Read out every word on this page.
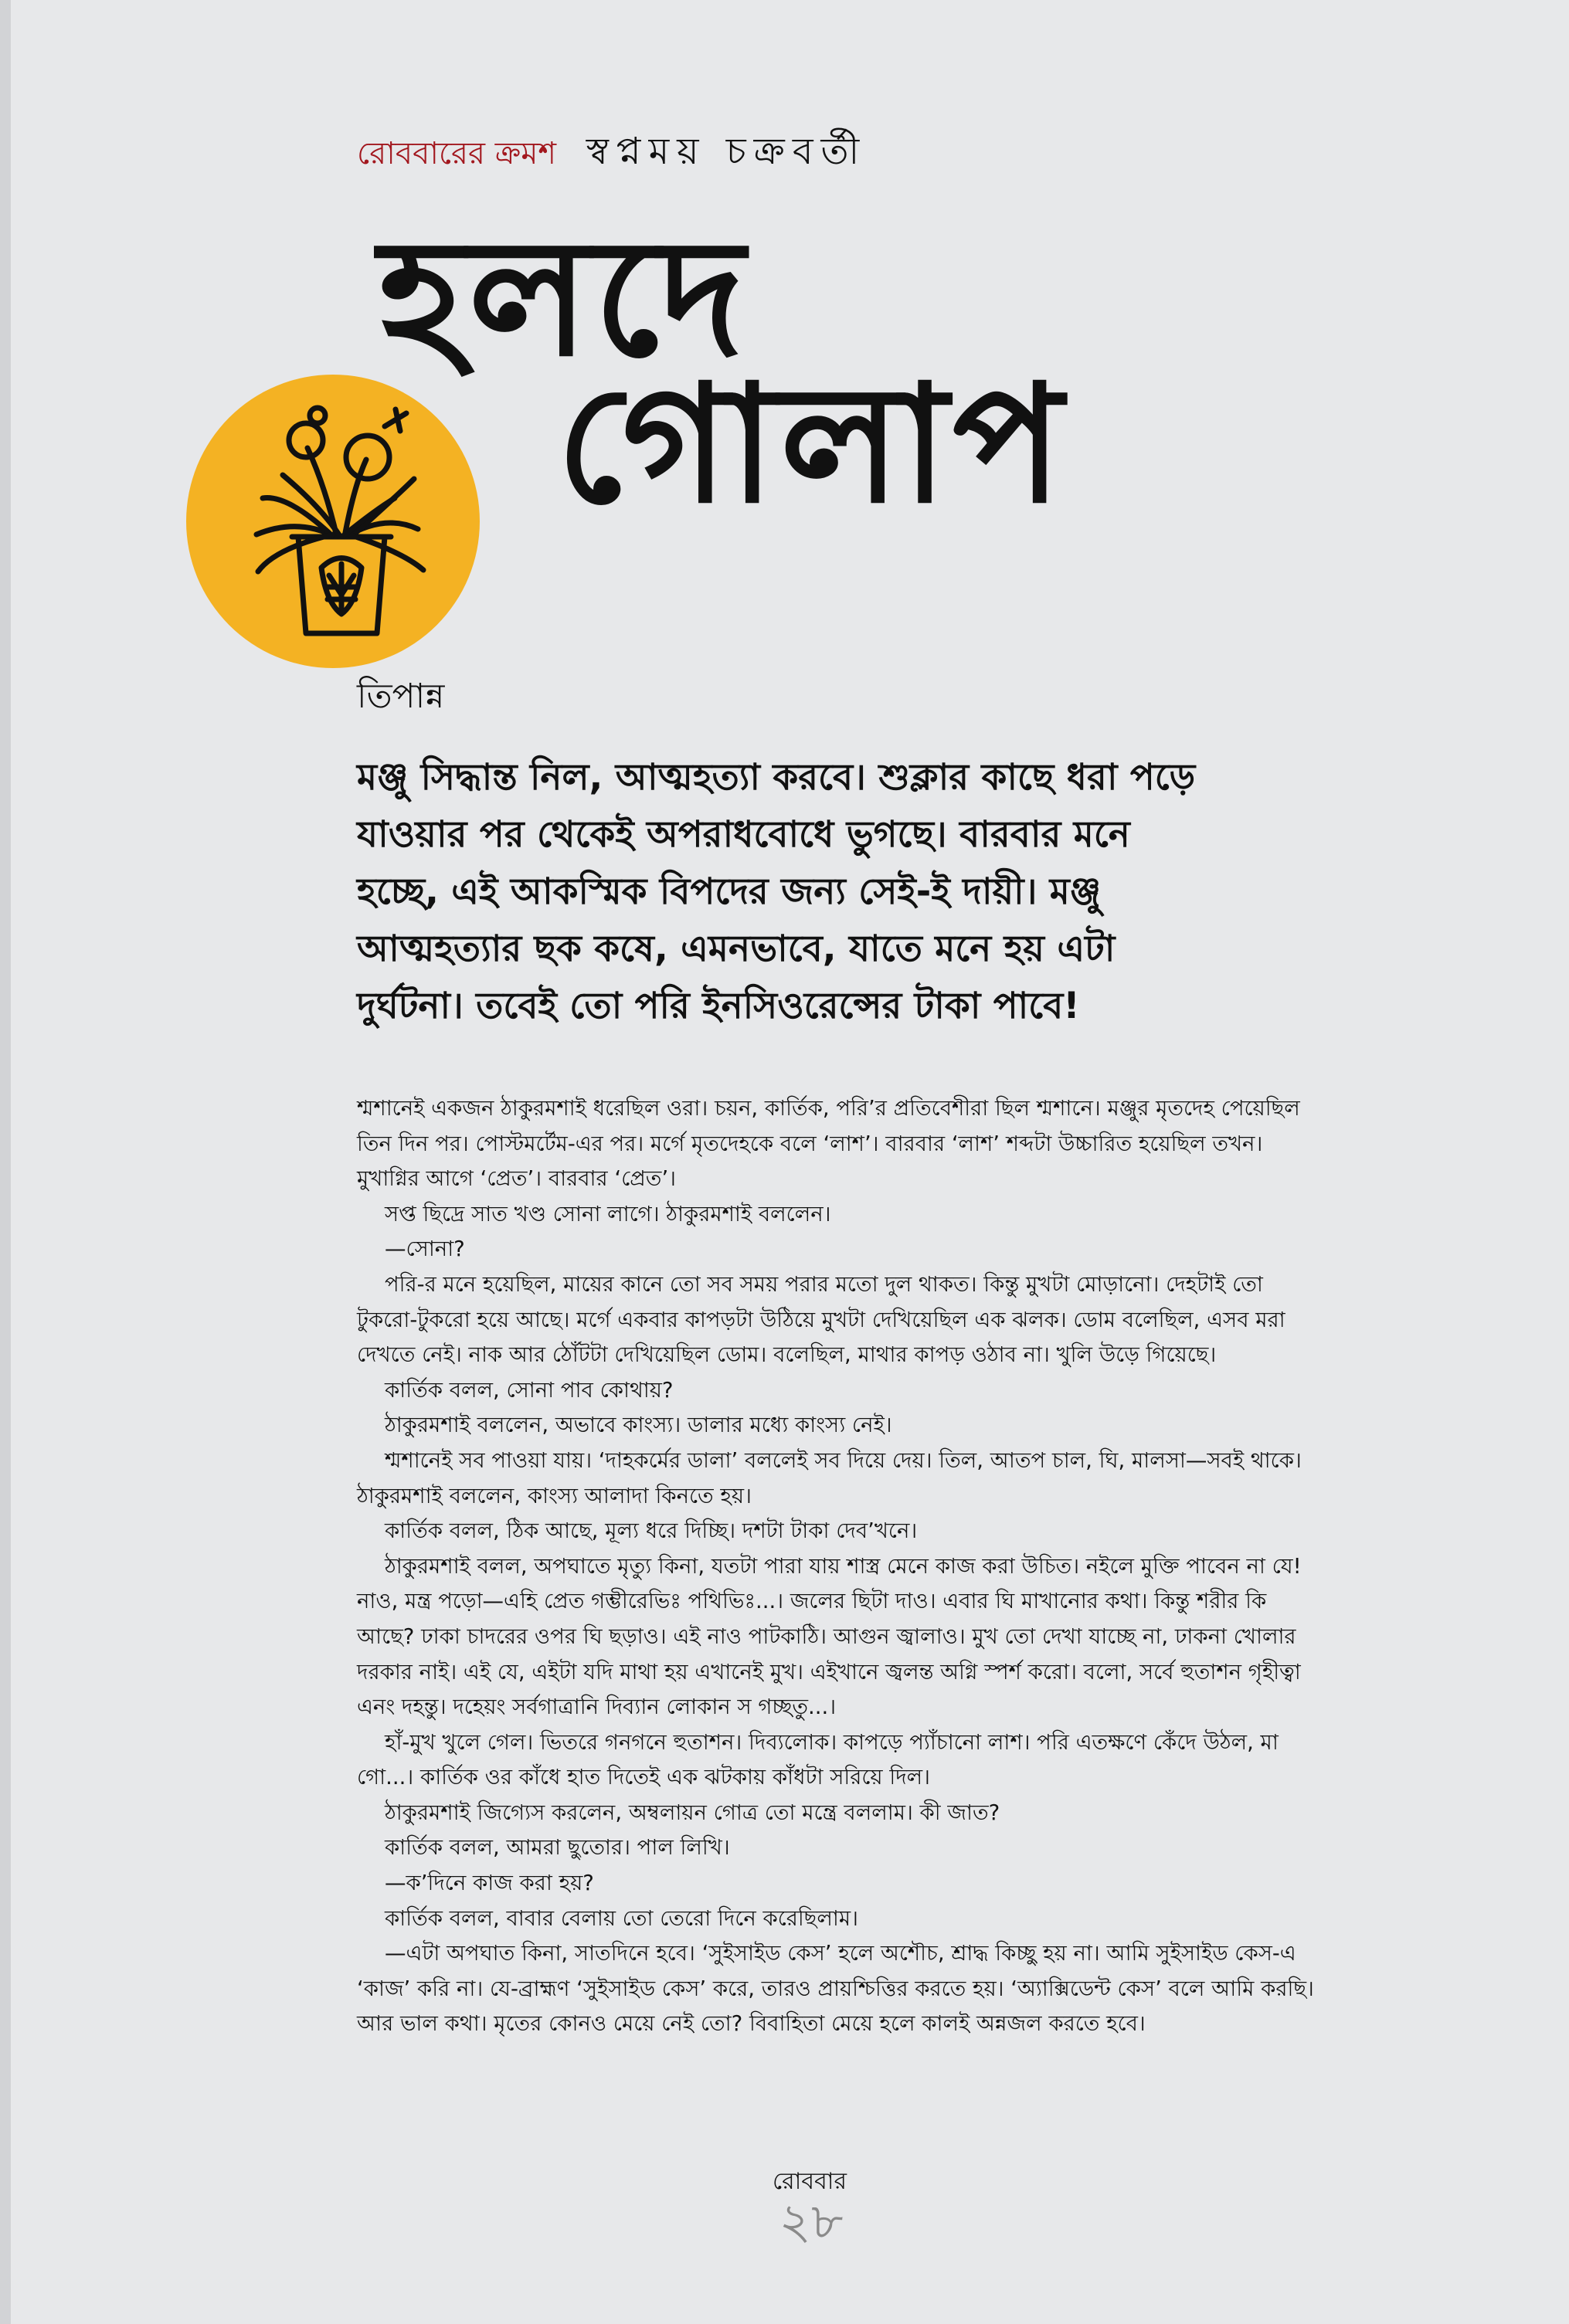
রোববারের ক্রমশ স্বপ্নময় চক্রবর্তী
হলদে
গোলাপ
তিপান্ন

মঞ্জু সিদ্ধান্ত নিল, আত্মহত্যা করবে। শুক্লার কাছে ধরা পড়ে

যাওয়ার পর থেকেই অপরাধবোধে ভুগছে। বারবার মনে

হচ্ছে, এই আকস্মিক বিপদের জন্য সেই-ই দায়ী। মঞ্জু

আত্মহত্যার ছক কষে, এমনভাবে, যাতে মনে হয় এটা

দুর্ঘটনা। তবেই তো পরি ইনসিওরেন্সের টাকা পাবে!

শ্মশানেই একজন ঠাকুরমশাই ধরেছিল ওরা। চয়ন, কার্তিক, পরি’র প্রতিবেশীরা ছিল শ্মশানে। মঞ্জুর মৃতদেহ পেয়েছিল তিন দিন পর। পোস্টমর্টেম-এর পর। মর্গে মৃতদেহকে বলে ‘লাশ’। বারবার ‘লাশ’ শব্দটা উচ্চারিত হয়েছিল তখন। মুখাগ্নির আগে ‘প্রেত’। বারবার ‘প্রেত’।

সপ্ত ছিদ্রে সাত খণ্ড সোনা লাগে। ঠাকুরমশাই বললেন।

—সোনা?

পরি-র মনে হয়েছিল, মায়ের কানে তো সব সময় পরার মতো দুল থাকত। কিন্তু মুখটা মোড়ানো। দেহটাই তো টুকরো-টুকরো হয়ে আছে। মর্গে একবার কাপড়টা উঠিয়ে মুখটা দেখিয়েছিল এক ঝলক। ডোম বলেছিল, এসব মরা দেখতে নেই। নাক আর ঠোঁটটা দেখিয়েছিল ডোম। বলেছিল, মাথার কাপড় ওঠাব না। খুলি উড়ে গিয়েছে।

কার্তিক বলল, সোনা পাব কোথায়?

ঠাকুরমশাই বললেন, অভাবে কাংস্য। ডালার মধ্যে কাংস্য নেই।

শ্মশানেই সব পাওয়া যায়। ‘দাহকর্মের ডালা’ বললেই সব দিয়ে দেয়। তিল, আতপ চাল, ঘি, মালসা—সবই থাকে। ঠাকুরমশাই বললেন, কাংস্য আলাদা কিনতে হয়।

কার্তিক বলল, ঠিক আছে, মূল্য ধরে দিচ্ছি। দশটা টাকা দেব’খনে।

ঠাকুরমশাই বলল, অপঘাতে মৃত্যু কিনা, যতটা পারা যায় শাস্ত্র মেনে কাজ করা উচিত। নইলে মুক্তি পাবেন না যে! নাও, মন্ত্র পড়ো—এহি প্রেত গম্ভীরেভিঃ পথিভিঃ...। জলের ছিটা দাও। এবার ঘি মাখানোর কথা। কিন্তু শরীর কি আছে? ঢাকা চাদরের ওপর ঘি ছড়াও। এই নাও পাটকাঠি। আগুন জ্বালাও। মুখ তো দেখা যাচ্ছে না, ঢাকনা খোলার দরকার নাই। এই যে, এইটা যদি মাথা হয় এখানেই মুখ। এইখানে জ্বলন্ত অগ্নি স্পর্শ করো। বলো, সর্বে হুতাশন গৃহীত্বা এনং দহন্তু। দহেয়ং সর্বগাত্রানি দিব্যান লোকান স গচ্ছতু...।

হাঁ-মুখ খুলে গেল। ভিতরে গনগনে হুতাশন। দিব্যলোক। কাপড়ে প্যাঁচানো লাশ। পরি এতক্ষণে কেঁদে উঠল, মা গো...। কার্তিক ওর কাঁধে হাত দিতেই এক ঝটকায় কাঁধটা সরিয়ে দিল।

ঠাকুরমশাই জিগ্যেস করলেন, অম্বলায়ন গোত্র তো মন্ত্রে বললাম। কী জাত?

কার্তিক বলল, আমরা ছুতোর। পাল লিখি।

—ক’দিনে কাজ করা হয়?

কার্তিক বলল, বাবার বেলায় তো তেরো দিনে করেছিলাম।

—এটা অপঘাত কিনা, সাতদিনে হবে। ‘সুইসাইড কেস’ হলে অশৌচ, শ্রাদ্ধ কিচ্ছু হয় না। আমি সুইসাইড কেস-এ ‘কাজ’ করি না। যে-ব্রাহ্মণ ‘সুইসাইড কেস’ করে, তারও প্রায়শ্চিত্তির করতে হয়। ‘অ্যাক্সিডেন্ট কেস’ বলে আমি করছি। আর ভাল কথা। মৃতের কোনও মেয়ে নেই তো? বিবাহিতা মেয়ে হলে কালই অন্নজল করতে হবে।

রোববার
২৮
